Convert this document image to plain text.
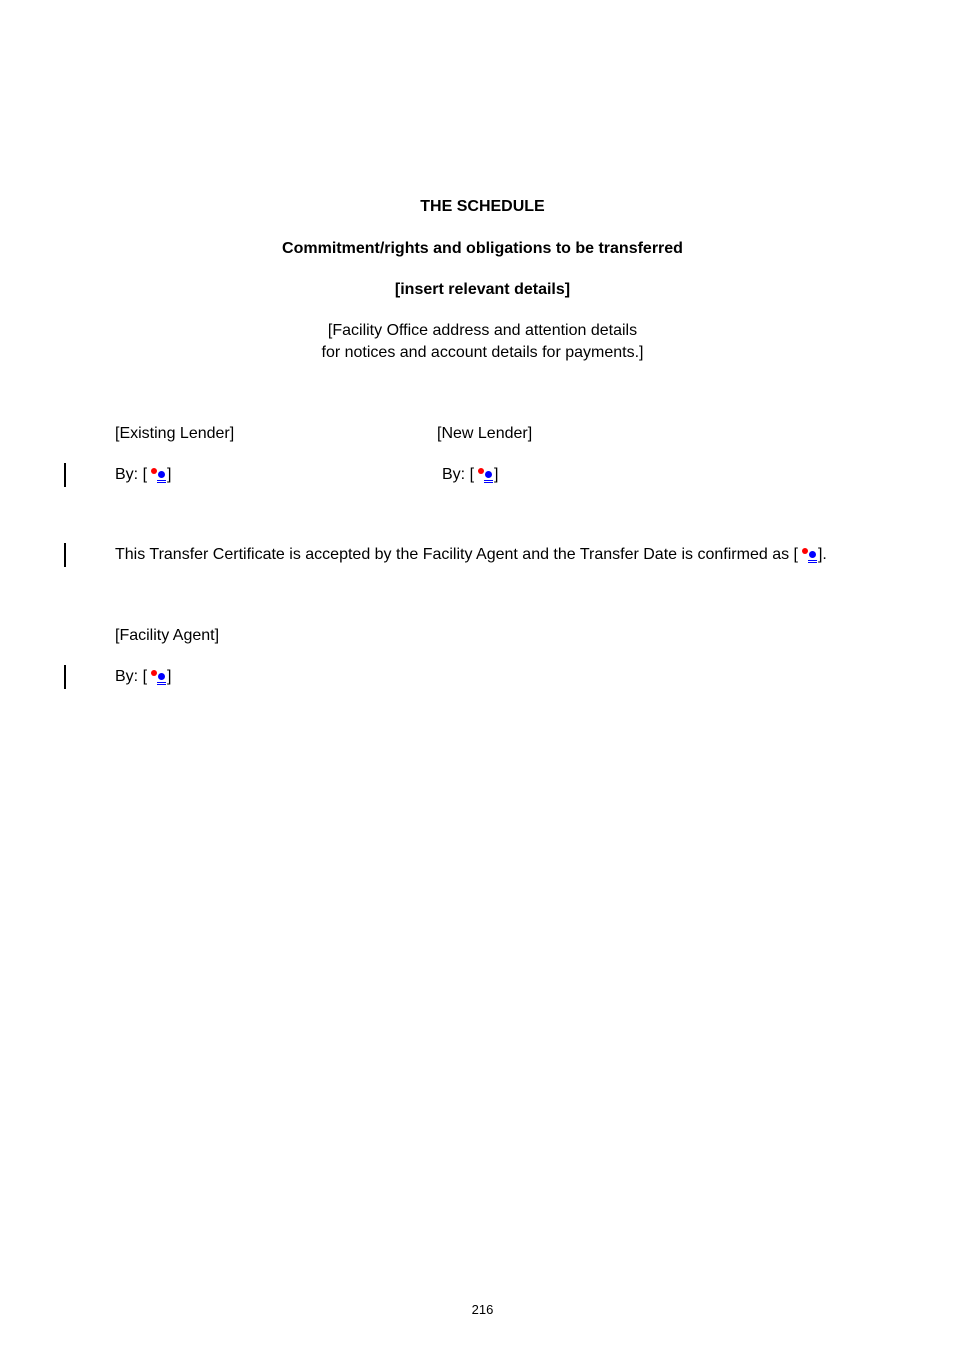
THE SCHEDULE
Commitment/rights and obligations to be transferred
[insert relevant details]
[Facility Office address and attention details
for notices and account details for payments.]
[Existing Lender]	[New Lender]
By: [ ]	By: [ ]
This Transfer Certificate is accepted by the Facility Agent and the Transfer Date is confirmed as [ ].
[Facility Agent]
By: [ ]
216
